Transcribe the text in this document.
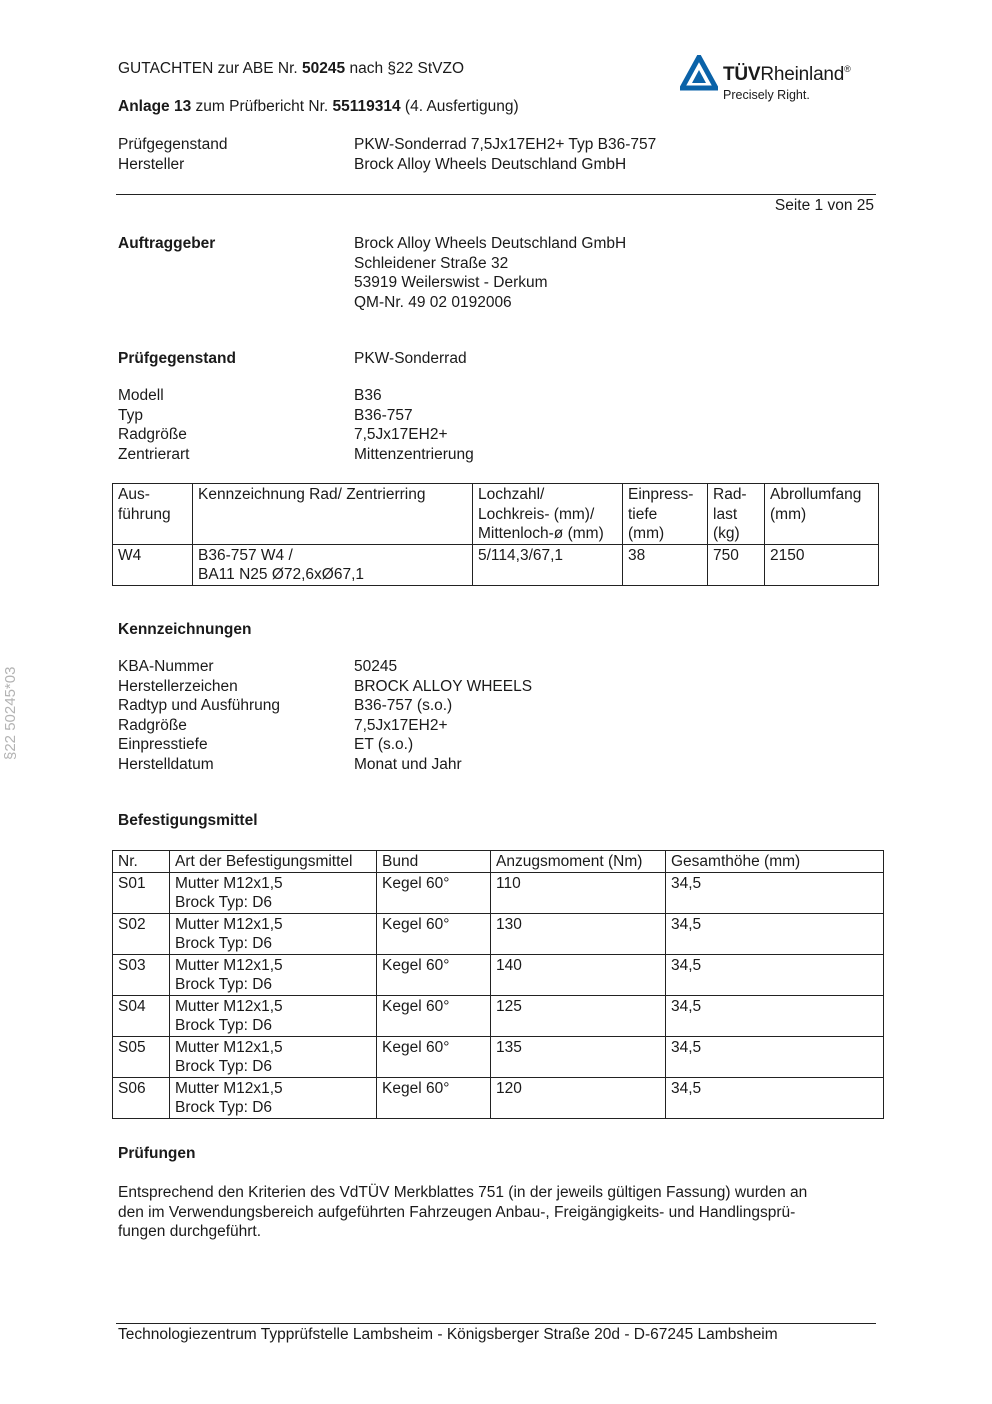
§22 50245*03
GUTACHTEN zur ABE Nr. 50245 nach §22 StVZO
Anlage 13 zum Prüfbericht Nr. 55119314 (4. Ausfertigung)
TÜVRheinland®
Precisely Right.
Prüfgegenstand	PKW-Sonderrad 7,5Jx17EH2+ Typ B36-757
Hersteller	Brock Alloy Wheels Deutschland GmbH
Seite 1 von 25
Auftraggeber	Brock Alloy Wheels Deutschland GmbH
Schleidener Straße 32
53919 Weilerswist - Derkum
QM-Nr. 49 02 0192006
Prüfgegenstand	PKW-Sonderrad
Modell	B36
Typ	B36-757
Radgröße	7,5Jx17EH2+
Zentrierart	Mittenzentrierung
Aus-
führung	Kennzeichnung Rad/ Zentrierring	Lochzahl/
Lochkreis- (mm)/
Mittenloch-ø (mm)	Einpress-
tiefe
(mm)	Rad-
last
(kg)	Abrollumfang
(mm)

W4	B36-757 W4 /
BA11 N25 Ø72,6xØ67,1	5/114,3/67,1	38	750	2150
Kennzeichnungen
KBA-Nummer	50245
Herstellerzeichen	BROCK ALLOY WHEELS
Radtyp und Ausführung	B36-757 (s.o.)
Radgröße	7,5Jx17EH2+
Einpresstiefe	ET (s.o.)
Herstelldatum	Monat und Jahr
Befestigungsmittel
Nr.	Art der Befestigungsmittel	Bund	Anzugsmoment (Nm)	Gesamthöhe (mm)
S01	Mutter M12x1,5
Brock Typ: D6	Kegel 60°	110	34,5
S02	Mutter M12x1,5
Brock Typ: D6	Kegel 60°	130	34,5
S03	Mutter M12x1,5
Brock Typ: D6	Kegel 60°	140	34,5
S04	Mutter M12x1,5
Brock Typ: D6	Kegel 60°	125	34,5
S05	Mutter M12x1,5
Brock Typ: D6	Kegel 60°	135	34,5
S06	Mutter M12x1,5
Brock Typ: D6	Kegel 60°	120	34,5
Prüfungen
Entsprechend den Kriterien des VdTÜV Merkblattes 751 (in der jeweils gültigen Fassung) wurden an
den im Verwendungsbereich aufgeführten Fahrzeugen Anbau-, Freigängigkeits- und Handlingsprü-
fungen durchgeführt.
Technologiezentrum Typprüfstelle Lambsheim - Königsberger Straße 20d - D-67245 Lambsheim
